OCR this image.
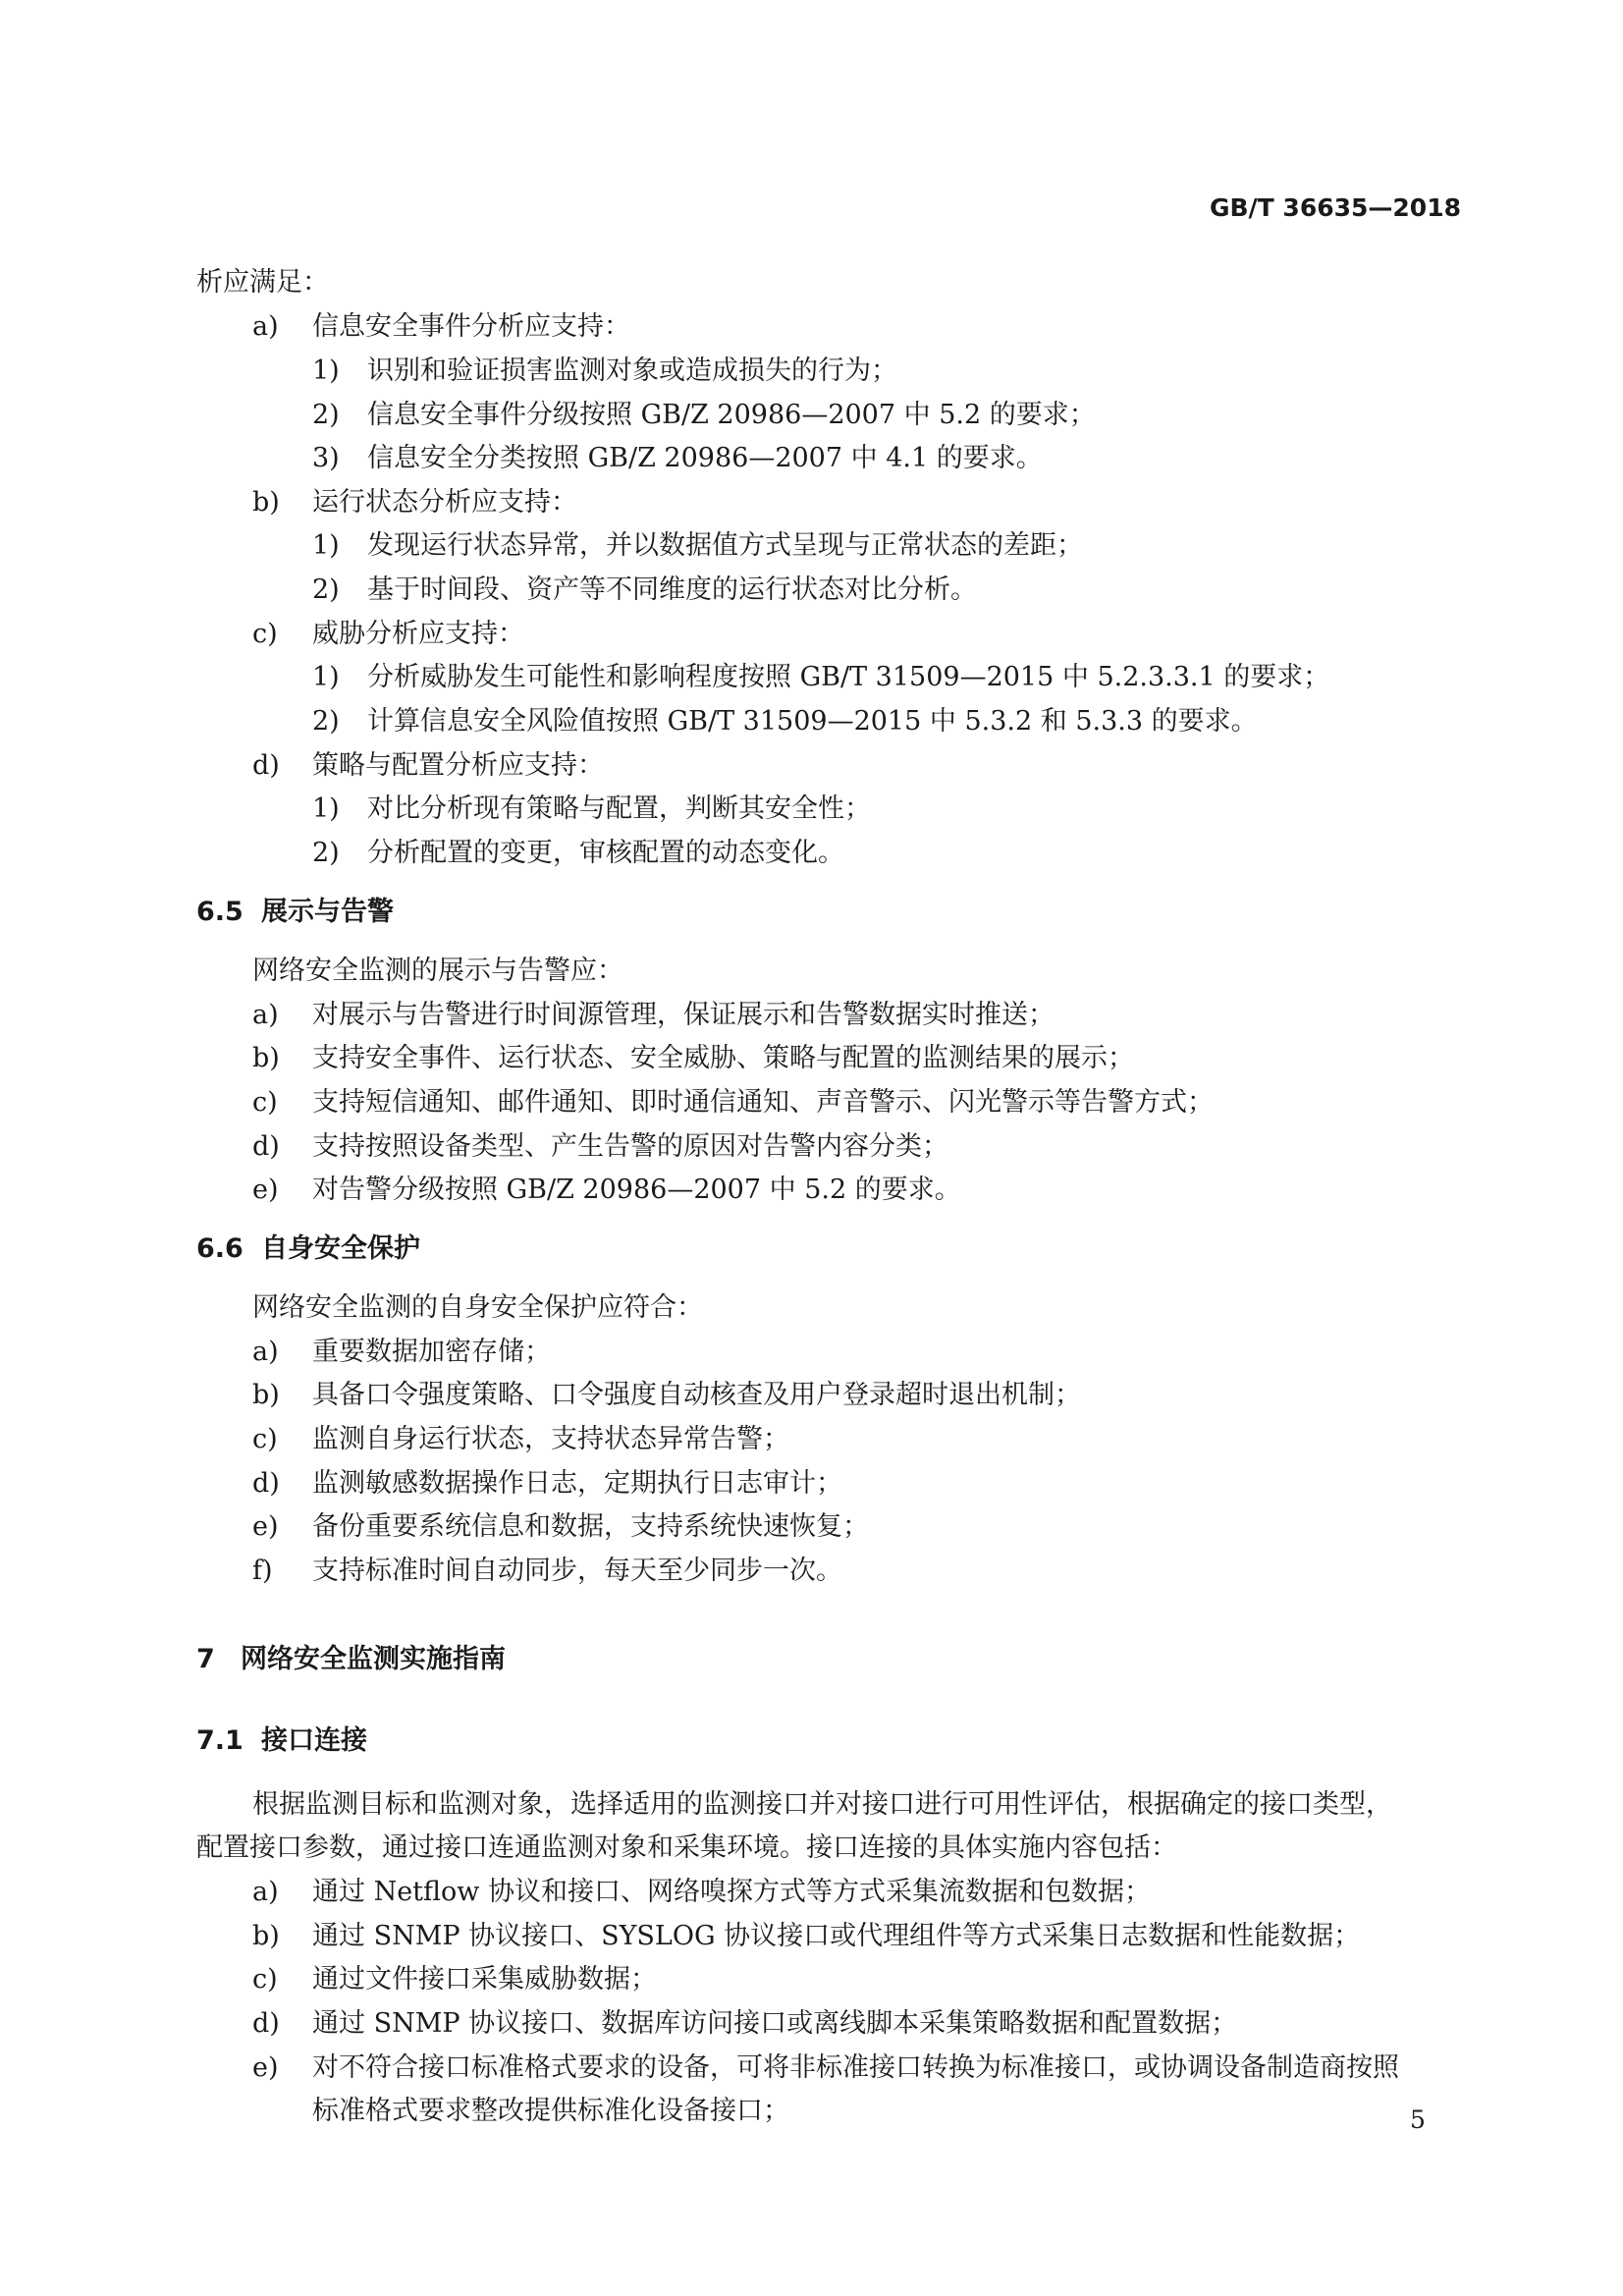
GB/T 36635—2018
析应满足：
a) 信息安全事件分析应支持：
1) 识别和验证损害监测对象或造成损失的行为；
2) 信息安全事件分级按照 GB/Z 20986—2007 中 5.2 的要求；
3) 信息安全分类按照 GB/Z 20986—2007 中 4.1 的要求。
b) 运行状态分析应支持：
1) 发现运行状态异常，并以数据值方式呈现与正常状态的差距；
2) 基于时间段、资产等不同维度的运行状态对比分析。
c) 威胁分析应支持：
1) 分析威胁发生可能性和影响程度按照 GB/T 31509—2015 中 5.2.3.3.1 的要求；
2) 计算信息安全风险值按照 GB/T 31509—2015 中 5.3.2 和 5.3.3 的要求。
d) 策略与配置分析应支持：
1) 对比分析现有策略与配置，判断其安全性；
2) 分析配置的变更，审核配置的动态变化。
6.5 展示与告警
网络安全监测的展示与告警应：
a) 对展示与告警进行时间源管理，保证展示和告警数据实时推送；
b) 支持安全事件、运行状态、安全威胁、策略与配置的监测结果的展示；
c) 支持短信通知、邮件通知、即时通信通知、声音警示、闪光警示等告警方式；
d) 支持按照设备类型、产生告警的原因对告警内容分类；
e) 对告警分级按照 GB/Z 20986—2007 中 5.2 的要求。
6.6 自身安全保护
网络安全监测的自身安全保护应符合：
a) 重要数据加密存储；
b) 具备口令强度策略、口令强度自动核查及用户登录超时退出机制；
c) 监测自身运行状态，支持状态异常告警；
d) 监测敏感数据操作日志，定期执行日志审计；
e) 备份重要系统信息和数据，支持系统快速恢复；
f) 支持标准时间自动同步，每天至少同步一次。
7 网络安全监测实施指南
7.1 接口连接
根据监测目标和监测对象，选择适用的监测接口并对接口进行可用性评估，根据确定的接口类型，
配置接口参数，通过接口连通监测对象和采集环境。接口连接的具体实施内容包括：
a) 通过 Netflow 协议和接口、网络嗅探方式等方式采集流数据和包数据；
b) 通过 SNMP 协议接口、SYSLOG 协议接口或代理组件等方式采集日志数据和性能数据；
c) 通过文件接口采集威胁数据；
d) 通过 SNMP 协议接口、数据库访问接口或离线脚本采集策略数据和配置数据；
e) 对不符合接口标准格式要求的设备，可将非标准接口转换为标准接口，或协调设备制造商按照
标准格式要求整改提供标准化设备接口；	5
